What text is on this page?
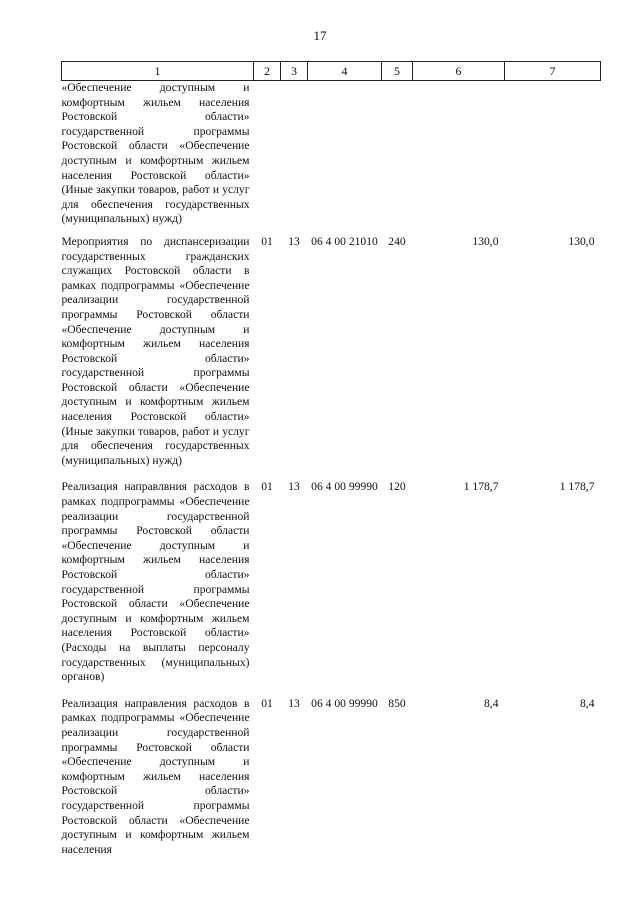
17
1	2	3	4	5	6	7
«Обеспечение доступным и комфортным жильем населения Ростовской области» государственной программы Ростовской области «Обеспечение доступным и комфортным жильем населения Ростовской области» (Иные закупки товаров, работ и услуг для обеспечения государственных (муниципальных) нужд)						
Мероприятия по диспансеризации государственных гражданских служащих Ростовской области в рамках подпрограммы «Обеспечение реализации государственной программы Ростовской области «Обеспечение доступным и комфортным жильем населения Ростовской области» государственной программы Ростовской области «Обеспечение доступным и комфортным жильем населения Ростовской области» (Иные закупки товаров, работ и услуг для обеспечения государственных (муниципальных) нужд)	01	13	06 4 00 21010	240	130,0	130,0
Реализация направлвния расходов в рамках подпрограммы «Обеспечение реализации государственной программы Ростовской области «Обеспечение доступным и комфортным жильем населения Ростовской области» государственной программы Ростовской области «Обеспечение доступным и комфортным жильем населения Ростовской области» (Расходы на выплаты персоналу государственных (муниципальных) органов)	01	13	06 4 00 99990	120	1 178,7	1 178,7
Реализация направления расходов в рамках подпрограммы «Обеспечение реализации государственной программы Ростовской области «Обеспечение доступным и комфортным жильем населения Ростовской области» государственной программы Ростовской области «Обеспечение доступным и комфортным жильем населения	01	13	06 4 00 99990	850	8,4	8,4
